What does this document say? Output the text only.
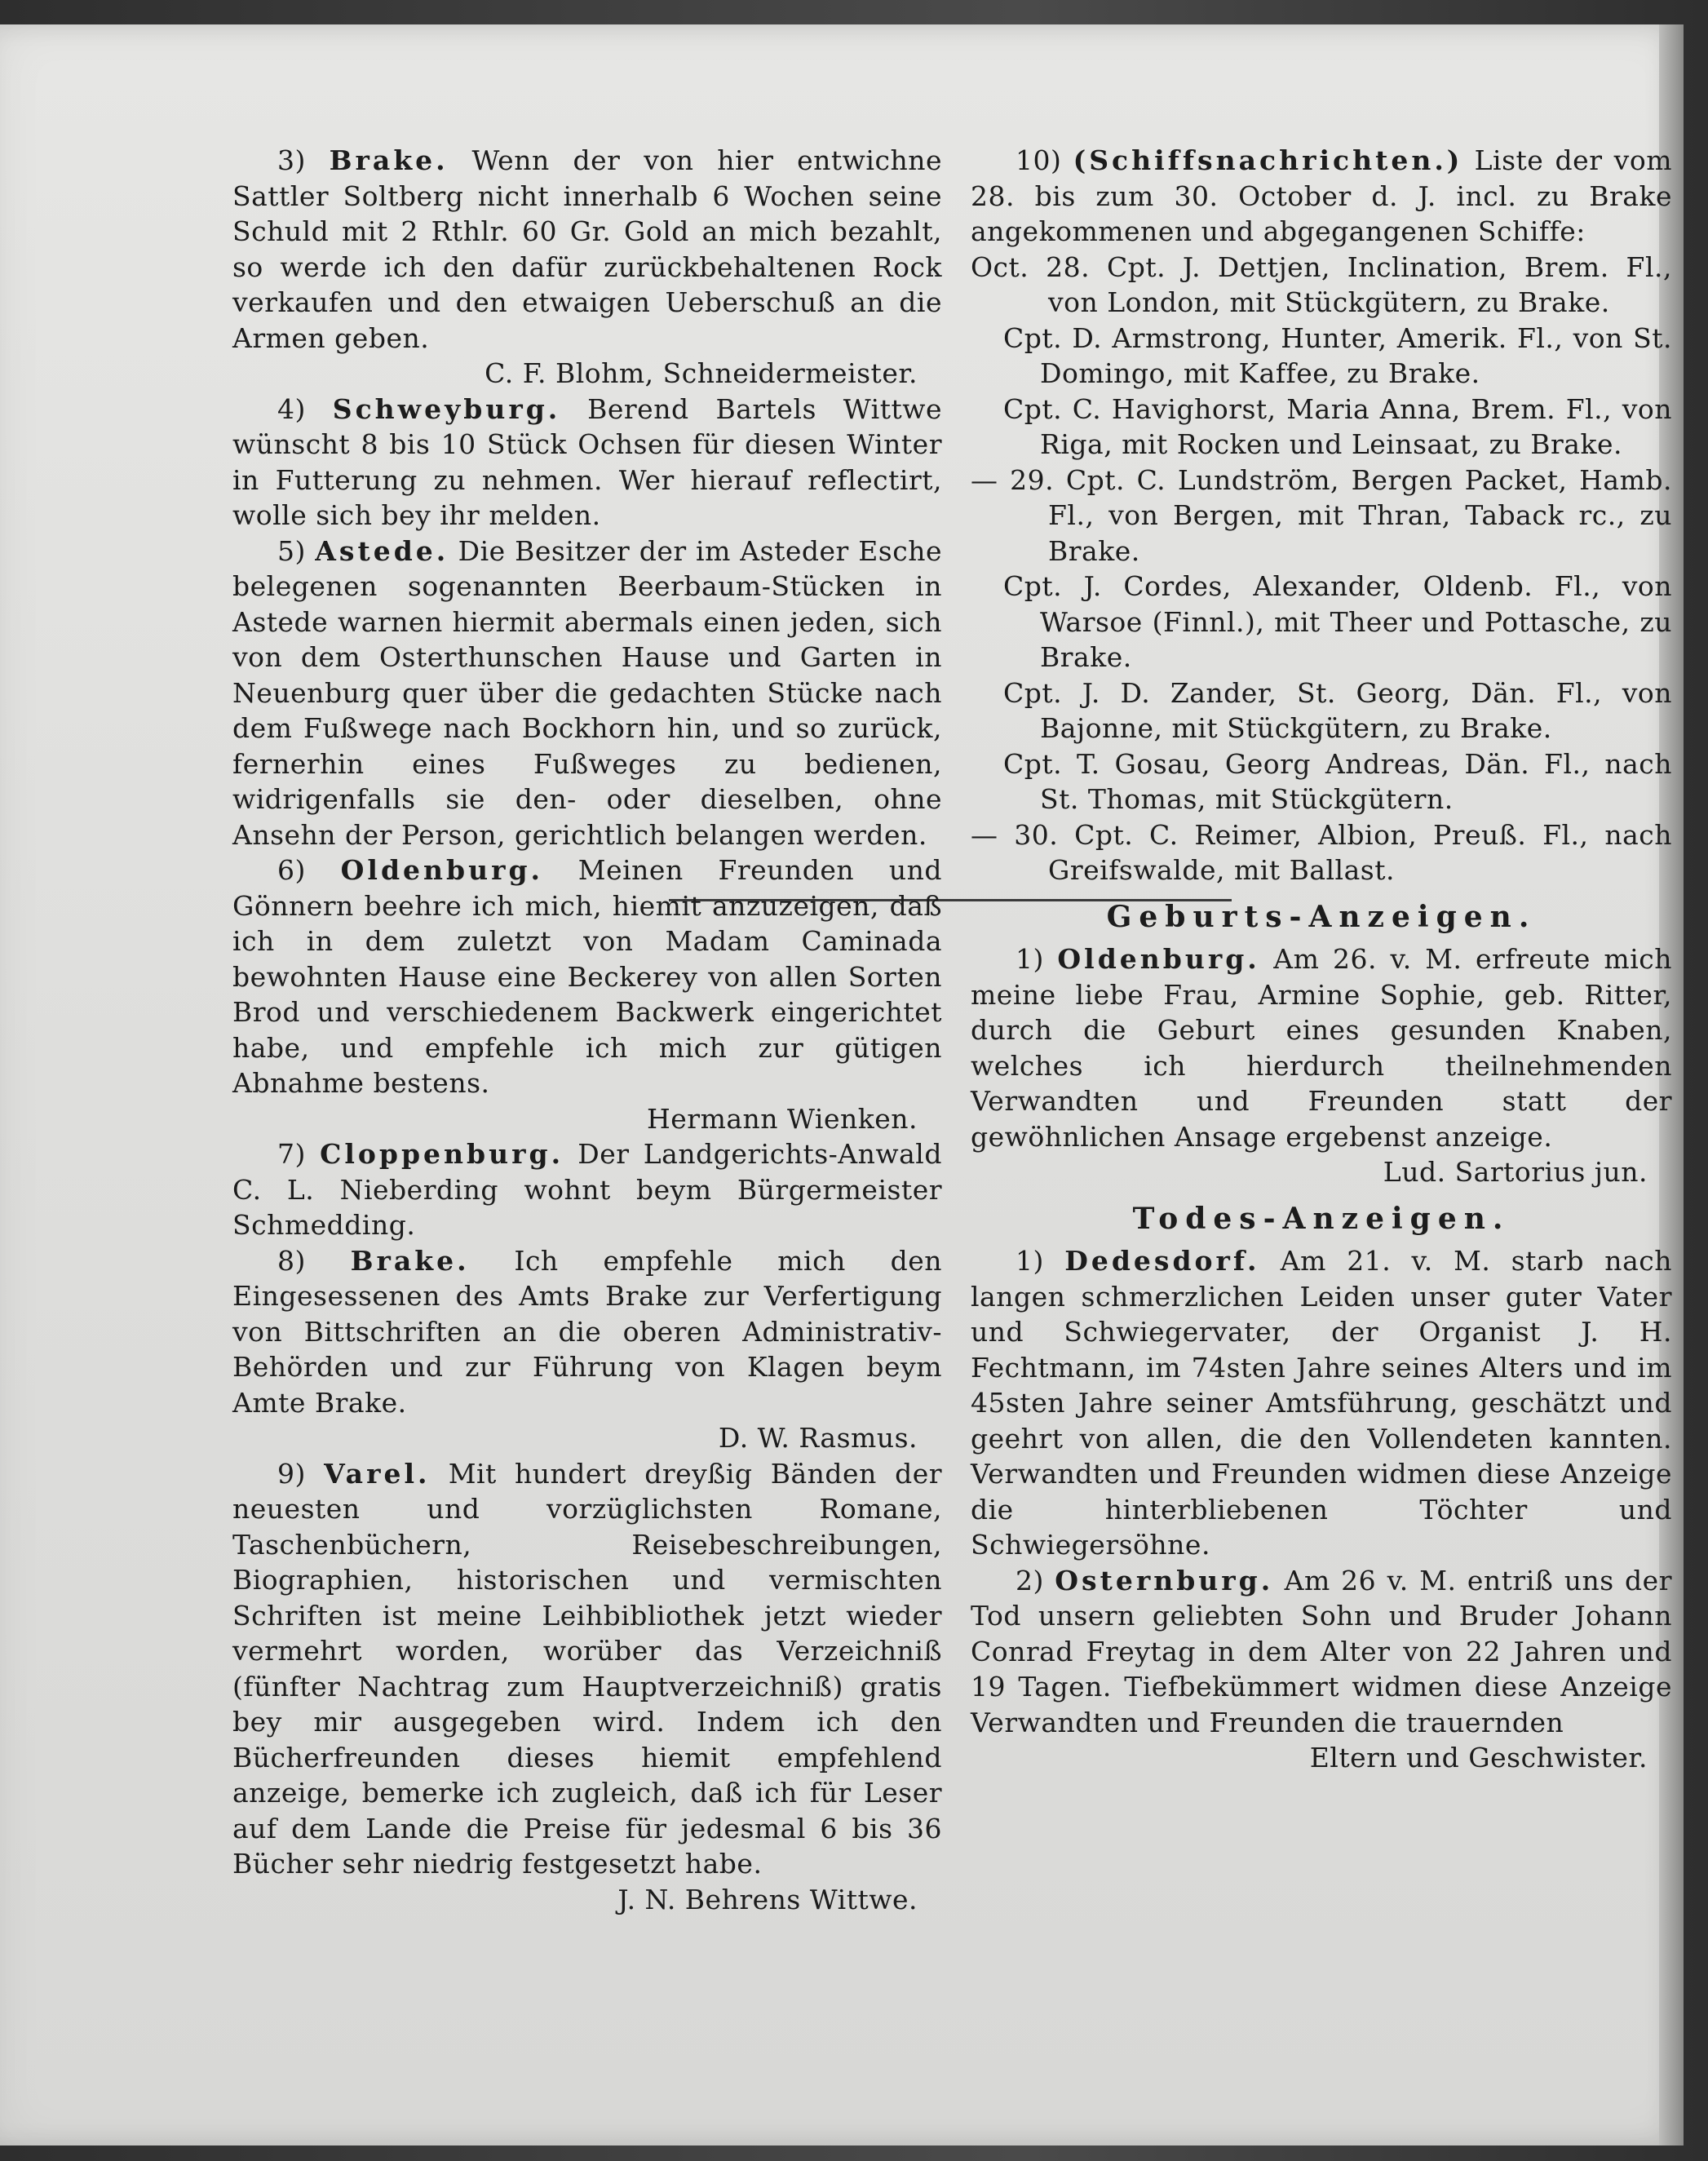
3) Brake. Wenn der von hier entwichne Sattler Soltberg nicht innerhalb 6 Wochen seine Schuld mit 2 Rthlr. 60 Gr. Gold an mich bezahlt, so werde ich den dafür zurückbehaltenen Rock verkaufen und den etwaigen Ueberschuß an die Armen geben.

C. F. Blohm, Schneidermeister.

4) Schweyburg. Berend Bartels Wittwe wünscht 8 bis 10 Stück Ochsen für diesen Winter in Futterung zu nehmen. Wer hierauf reflectirt, wolle sich bey ihr melden.

5) Astede. Die Besitzer der im Asteder Esche belegenen sogenannten Beerbaum-Stücken in Astede warnen hiermit abermals einen jeden, sich von dem Osterthunschen Hause und Garten in Neuenburg quer über die gedachten Stücke nach dem Fußwege nach Bockhorn hin, und so zurück, fernerhin eines Fußweges zu bedienen, widrigenfalls sie den- oder dieselben, ohne Ansehn der Person, gerichtlich belangen werden.

6) Oldenburg. Meinen Freunden und Gönnern beehre ich mich, hiemit anzuzeigen, daß ich in dem zuletzt von Madam Caminada bewohnten Hause eine Beckerey von allen Sorten Brod und verschiedenem Backwerk eingerichtet habe, und empfehle ich mich zur gütigen Abnahme bestens.

Hermann Wienken.

7) Cloppenburg. Der Landgerichts-Anwald C. L. Nieberding wohnt beym Bürgermeister Schmedding.

8) Brake. Ich empfehle mich den Eingesessenen des Amts Brake zur Verfertigung von Bittschriften an die oberen Administrativ-Behörden und zur Führung von Klagen beym Amte Brake.

D. W. Rasmus.

9) Varel. Mit hundert dreyßig Bänden der neuesten und vorzüglichsten Romane, Taschenbüchern, Reisebeschreibungen, Biographien, historischen und vermischten Schriften ist meine Leihbibliothek jetzt wieder vermehrt worden, worüber das Verzeichniß (fünfter Nachtrag zum Hauptverzeichniß) gratis bey mir ausgegeben wird. Indem ich den Bücherfreunden dieses hiemit empfehlend anzeige, bemerke ich zugleich, daß ich für Leser auf dem Lande die Preise für jedesmal 6 bis 36 Bücher sehr niedrig festgesetzt habe.

J. N. Behrens Wittwe.

10) (Schiffsnachrichten.) Liste der vom 28. bis zum 30. October d. J. incl. zu Brake angekommenen und abgegangenen Schiffe:

Oct. 28. Cpt. J. Dettjen, Inclination, Brem. Fl., von London, mit Stückgütern, zu Brake.

Cpt. D. Armstrong, Hunter, Amerik. Fl., von St. Domingo, mit Kaffee, zu Brake.

Cpt. C. Havighorst, Maria Anna, Brem. Fl., von Riga, mit Rocken und Leinsaat, zu Brake.

— 29. Cpt. C. Lundström, Bergen Packet, Hamb. Fl., von Bergen, mit Thran, Taback rc., zu Brake.

Cpt. J. Cordes, Alexander, Oldenb. Fl., von Warsoe (Finnl.), mit Theer und Pottasche, zu Brake.

Cpt. J. D. Zander, St. Georg, Dän. Fl., von Bajonne, mit Stückgütern, zu Brake.

Cpt. T. Gosau, Georg Andreas, Dän. Fl., nach St. Thomas, mit Stückgütern.

— 30. Cpt. C. Reimer, Albion, Preuß. Fl., nach Greifswalde, mit Ballast.

Geburts-Anzeigen.

1) Oldenburg. Am 26. v. M. erfreute mich meine liebe Frau, Armine Sophie, geb. Ritter, durch die Geburt eines gesunden Knaben, welches ich hierdurch theilnehmenden Verwandten und Freunden statt der gewöhnlichen Ansage ergebenst anzeige.

Lud. Sartorius jun.

Todes-Anzeigen.

1) Dedesdorf. Am 21. v. M. starb nach langen schmerzlichen Leiden unser guter Vater und Schwiegervater, der Organist J. H. Fechtmann, im 74sten Jahre seines Alters und im 45sten Jahre seiner Amtsführung, geschätzt und geehrt von allen, die den Vollendeten kannten. Verwandten und Freunden widmen diese Anzeige die hinterbliebenen Töchter und Schwiegersöhne.

2) Osternburg. Am 26 v. M. entriß uns der Tod unsern geliebten Sohn und Bruder Johann Conrad Freytag in dem Alter von 22 Jahren und 19 Tagen. Tiefbekümmert widmen diese Anzeige Verwandten und Freunden die trauernden

Eltern und Geschwister.
